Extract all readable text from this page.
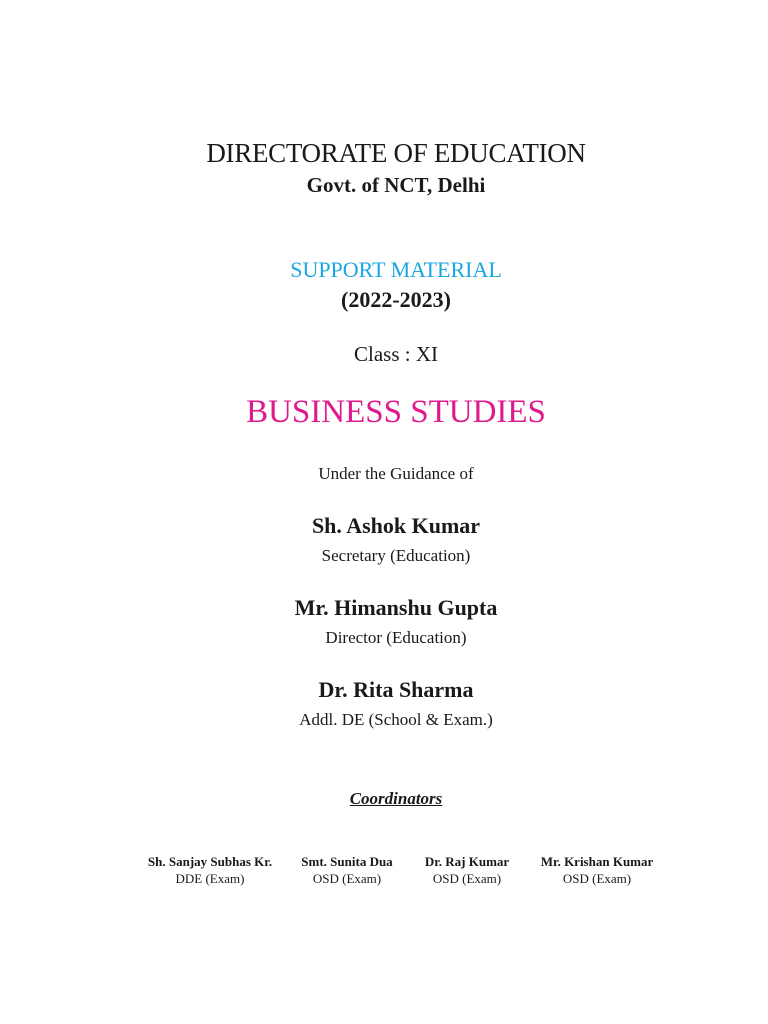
DIRECTORATE OF EDUCATION
Govt. of NCT, Delhi
SUPPORT MATERIAL
(2022-2023)
Class : XI
BUSINESS STUDIES
Under the Guidance of
Sh. Ashok Kumar
Secretary (Education)
Mr. Himanshu Gupta
Director (Education)
Dr. Rita Sharma
Addl. DE (School & Exam.)
Coordinators
Sh. Sanjay Subhas Kr.
DDE (Exam)
Smt. Sunita Dua
OSD (Exam)
Dr. Raj Kumar
OSD (Exam)
Mr. Krishan Kumar
OSD (Exam)
